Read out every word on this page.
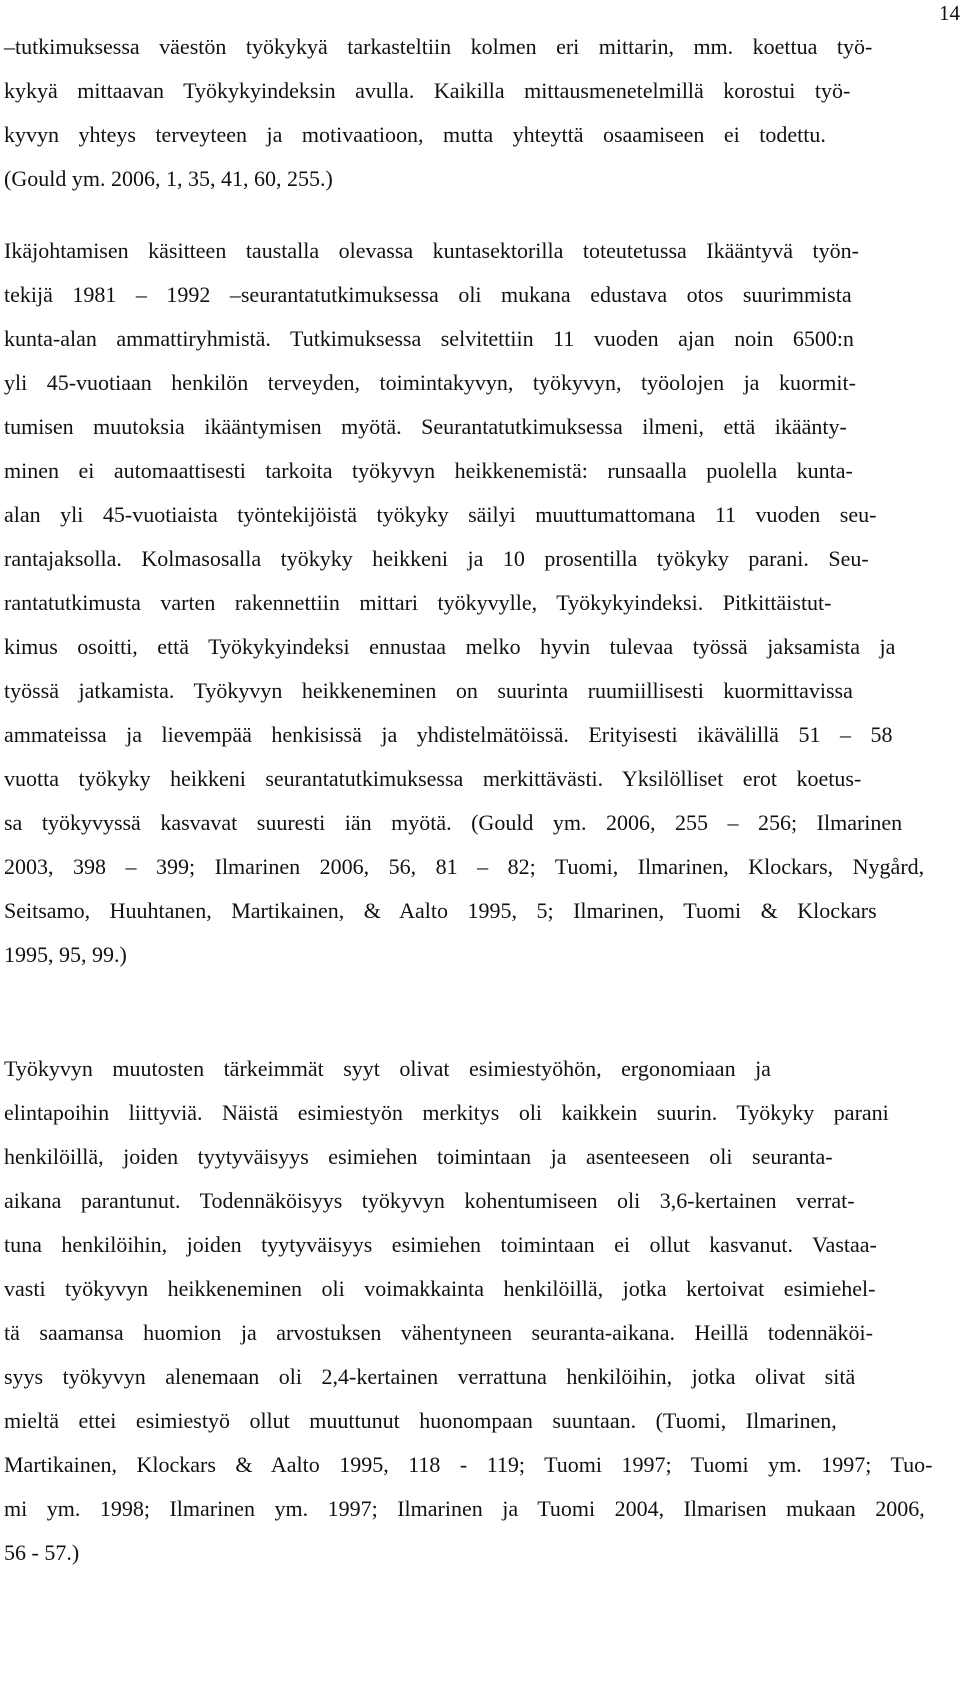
14
–tutkimuksessa väestön työkykyä tarkasteltiin kolmen eri mittarin, mm. koettua työ-
kykyä mittaavan Työkykyindeksin avulla. Kaikilla mittausmenetelmillä korostui työ-
kyvyn yhteys terveyteen ja motivaatioon, mutta yhteyttä osaamiseen ei todettu.
(Gould ym. 2006, 1, 35, 41, 60, 255.)
Ikäjohtamisen käsitteen taustalla olevassa kuntasektorilla toteutetussa Ikääntyvä työn-
tekijä 1981 – 1992 –seurantatutkimuksessa oli mukana edustava otos suurimmista
kunta-alan ammattiryhmistä. Tutkimuksessa selvitettiin 11 vuoden ajan noin 6500:n
yli 45-vuotiaan henkilön terveyden, toimintakyvyn, työkyvyn, työolojen ja kuormit-
tumisen muutoksia ikääntymisen myötä. Seurantatutkimuksessa ilmeni, että ikäänty-
minen ei automaattisesti tarkoita työkyvyn heikkenemistä: runsaalla puolella kunta-
alan yli 45-vuotiaista työntekijöistä työkyky säilyi muuttumattomana 11 vuoden seu-
rantajaksolla. Kolmasosalla työkyky heikkeni ja 10 prosentilla työkyky parani. Seu-
rantatutkimusta varten rakennettiin mittari työkyvylle, Työkykyindeksi. Pitkittäistut-
kimus osoitti, että Työkykyindeksi ennustaa melko hyvin tulevaa työssä jaksamista ja
työssä jatkamista. Työkyvyn heikkeneminen on suurinta ruumiillisesti kuormittavissa
ammateissa ja lievempää henkisissä ja yhdistelmätöissä. Erityisesti ikävälillä 51 – 58
vuotta työkyky heikkeni seurantatutkimuksessa merkittävästi. Yksilölliset erot koetus-
sa työkyvyssä kasvavat suuresti iän myötä. (Gould ym. 2006, 255 – 256; Ilmarinen
2003, 398 – 399; Ilmarinen 2006, 56, 81 – 82; Tuomi, Ilmarinen, Klockars, Nygård,
Seitsamo, Huuhtanen, Martikainen, & Aalto 1995, 5; Ilmarinen, Tuomi & Klockars
1995, 95, 99.)
Työkyvyn muutosten tärkeimmät syyt olivat esimiestyöhön, ergonomiaan ja
elintapoihin liittyviä. Näistä esimiestyön merkitys oli kaikkein suurin. Työkyky parani
henkilöillä, joiden tyytyväisyys esimiehen toimintaan ja asenteeseen oli seuranta-
aikana parantunut. Todennäköisyys työkyvyn kohentumiseen oli 3,6-kertainen verrat-
tuna henkilöihin, joiden tyytyväisyys esimiehen toimintaan ei ollut kasvanut. Vastaa-
vasti työkyvyn heikkeneminen oli voimakkainta henkilöillä, jotka kertoivat esimiehel-
tä saamansa huomion ja arvostuksen vähentyneen seuranta-aikana. Heillä todennäköi-
syys työkyvyn alenemaan oli 2,4-kertainen verrattuna henkilöihin, jotka olivat sitä
mieltä ettei esimiestyö ollut muuttunut huonompaan suuntaan. (Tuomi, Ilmarinen,
Martikainen, Klockars & Aalto 1995, 118 - 119; Tuomi 1997; Tuomi ym. 1997; Tuo-
mi ym. 1998; Ilmarinen ym. 1997; Ilmarinen ja Tuomi 2004, Ilmarisen mukaan 2006,
56 - 57.)
